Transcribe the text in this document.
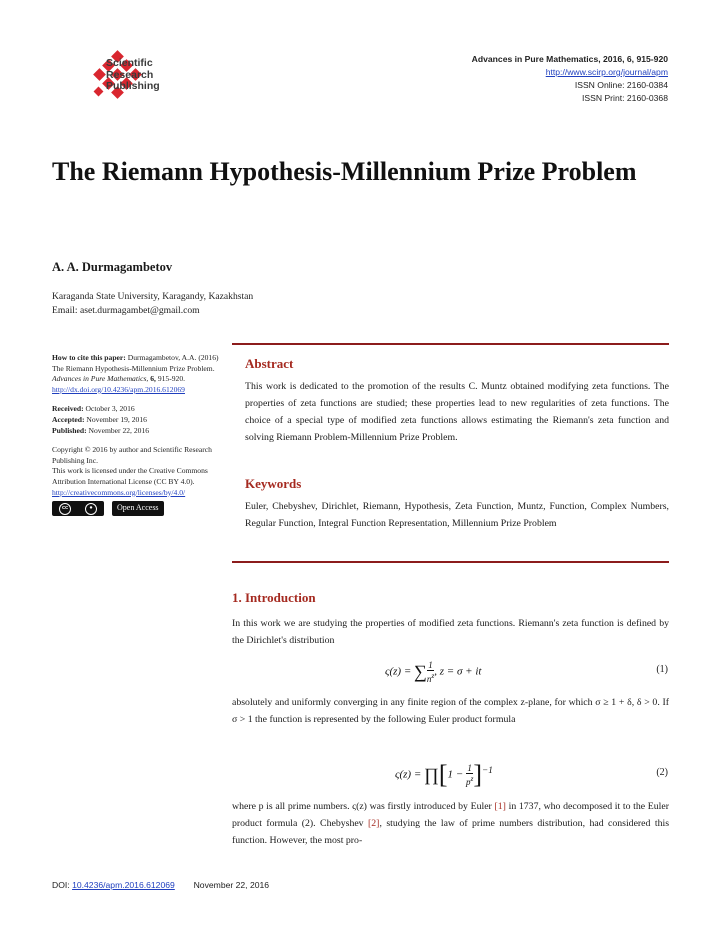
Scientific
Research
Publishing
Advances in Pure Mathematics, 2016, 6, 915-920
http://www.scirp.org/journal/apm
ISSN Online: 2160-0384
ISSN Print: 2160-0368
The Riemann Hypothesis-Millennium Prize Problem
A. A. Durmagambetov
Karaganda State University, Karagandy, Kazakhstan
Email: aset.durmagambet@gmail.com
How to cite this paper: Durmagambetov, A.A. (2016) The Riemann Hypothesis-Millennium Prize Problem. Advances in Pure Mathematics, 6, 915-920.
http://dx.doi.org/10.4236/apm.2016.612069
Received: October 3, 2016
Accepted: November 19, 2016
Published: November 22, 2016
Copyright © 2016 by author and Scientific Research Publishing Inc.
This work is licensed under the Creative Commons Attribution International License (CC BY 4.0).
http://creativecommons.org/licenses/by/4.0/
cc	●	Open Access
Abstract
This work is dedicated to the promotion of the results C. Muntz obtained modifying zeta functions. The properties of zeta functions are studied; these properties lead to new regularities of zeta functions. The choice of a special type of modified zeta functions allows estimating the Riemann's zeta function and solving Riemann Problem-Millennium Prize Problem.
Keywords
Euler, Chebyshev, Dirichlet, Riemann, Hypothesis, Zeta Function, Muntz, Function, Complex Numbers, Regular Function, Integral Function Representation, Millennium Prize Problem
1. Introduction
In this work we are studying the properties of modified zeta functions. Riemann's zeta function is defined by the Dirichlet's distribution
ς(z) = ∑ $\frac{1}{n^z}$ , z = σ + it	(1)
absolutely and uniformly converging in any finite region of the complex z-plane, for which σ ≥ 1 + δ, δ > 0. If σ > 1 the function is represented by the following Euler product formula
ς(z) = ∏[1 − $\frac{1}{p^z} ]^{-1}$	(2)
where p is all prime numbers. ς(z) was firstly introduced by Euler [1] in 1737, who decomposed it to the Euler product formula (2). Chebyshev [2], studying the law of prime numbers distribution, had considered this function. However, the most pro-
DOI: 10.4236/apm.2016.612069 November 22, 2016
